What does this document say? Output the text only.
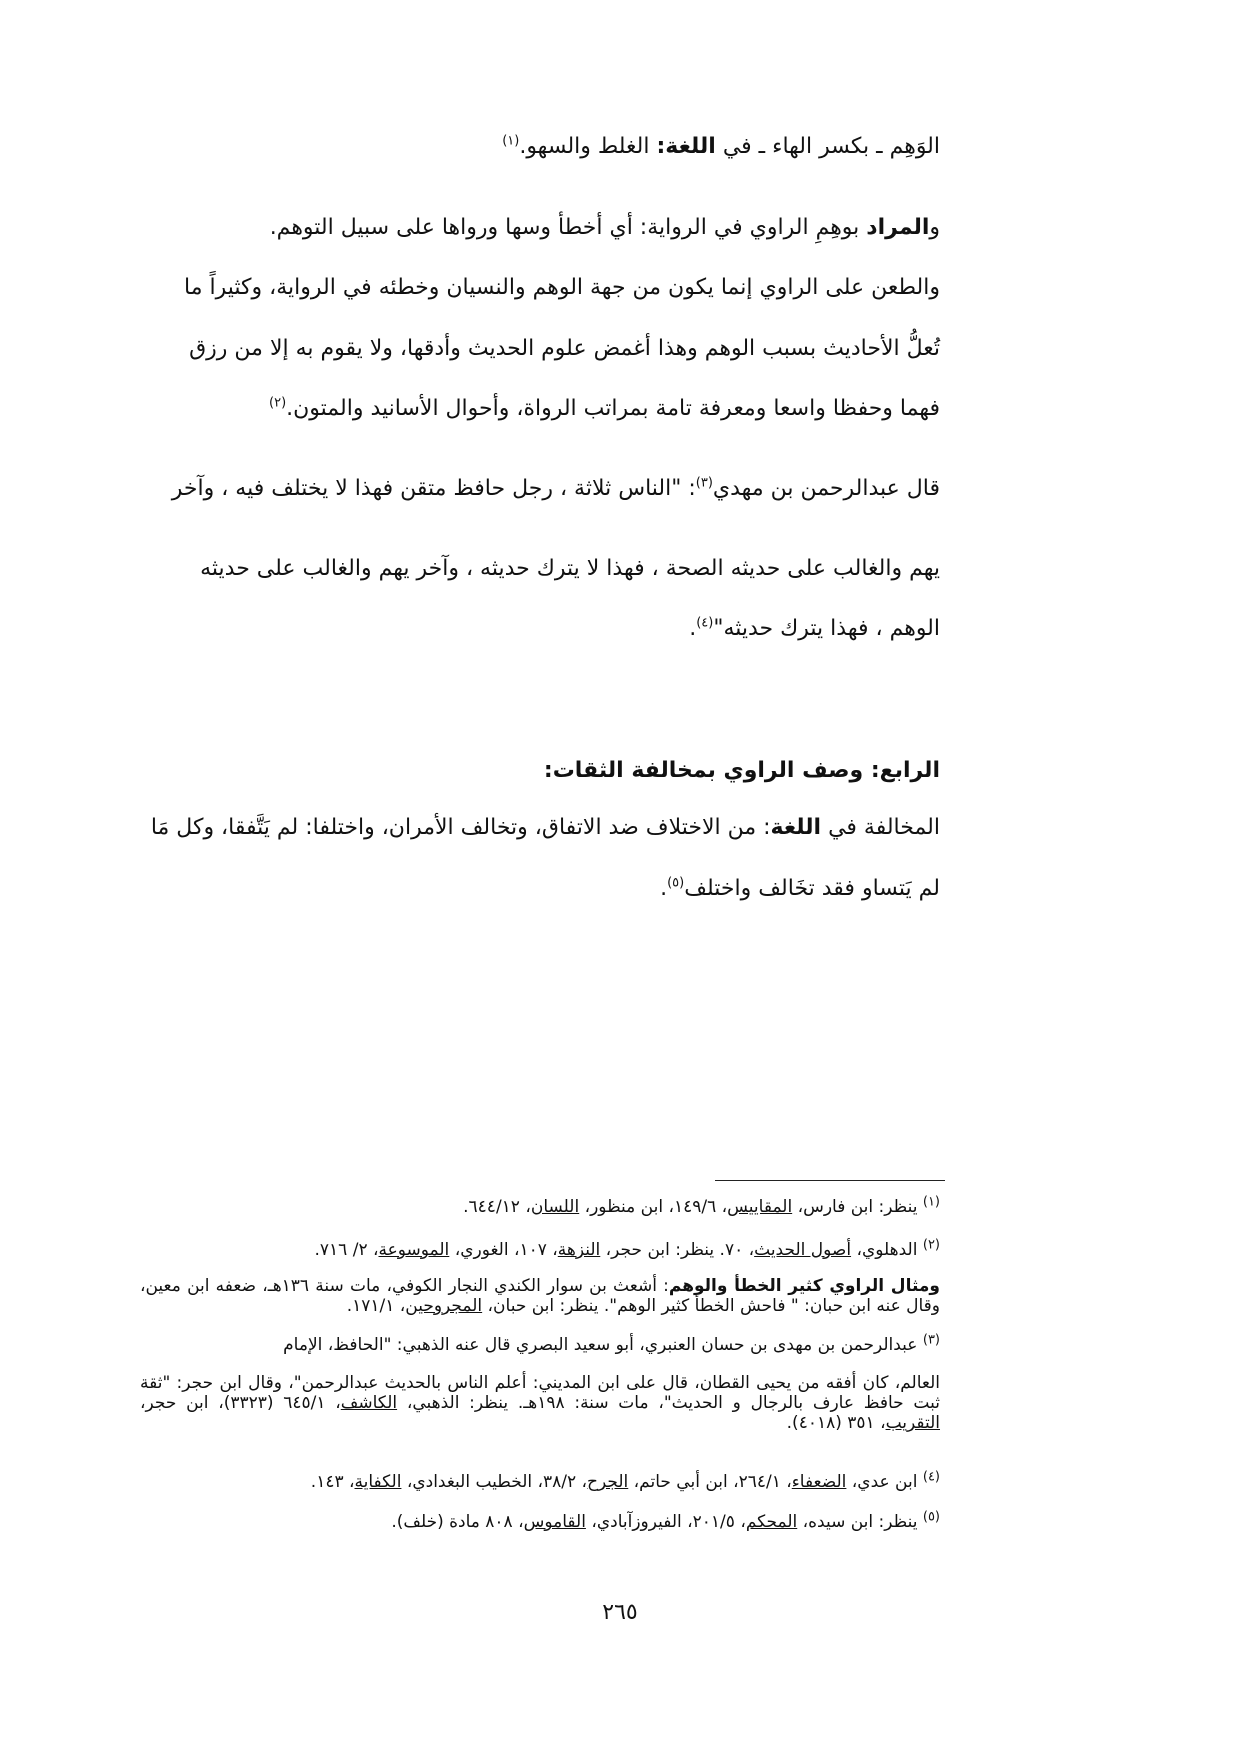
الوَهِم ـ بكسر الهاء ـ في اللغة: الغلط والسهو.$^{(١)}$
والمراد بوهِمِ الراوي في الرواية: أي أخطأ وسها ورواها على سبيل التوهم.
والطعن على الراوي إنما يكون من جهة الوهم والنسيان وخطئه في الرواية، وكثيراً ما
تُعلُّ الأحاديث بسبب الوهم وهذا أغمض علوم الحديث وأدقها، ولا يقوم به إلا من رزق
فهما وحفظا واسعا ومعرفة تامة بمراتب الرواة، وأحوال الأسانيد والمتون.$^{(٢)}$
قال عبدالرحمن بن مهدي$^{(٣)}$: "الناس ثلاثة ، رجل حافظ متقن فهذا لا يختلف فيه ، وآخر
يهم والغالب على حديثه الصحة ، فهذا لا يترك حديثه ، وآخر يهم والغالب على حديثه
الوهم ، فهذا يترك حديثه"$^{(٤)}$.
الرابع: وصف الراوي بمخالفة الثقات:
المخالفة في اللغة: من الاختلاف ضد الاتفاق، وتخالف الأمران، واختلفا: لم يَتَّفقا، وكل مَا
لم يَتساو فقد تخَالف واختلف$^{(٥)}$.
$^{(١)}$ ينظر: ابن فارس، المقاييس، ١٤٩/٦، ابن منظور، اللسان، ٦٤٤/١٢.
$^{(٢)}$ الدهلوي، أصول الحديث، ٧٠. ينظر: ابن حجر، النزهة، ١٠٧، الغوري، الموسوعة، ٢/ ٧١٦.
ومثال الراوي كثير الخطأ والوهم: أشعث بن سوار الكندي النجار الكوفي، مات سنة ١٣٦هـ، ضعفه ابن معين، وقال عنه ابن حبان: " فاحش الخطأ كثير الوهم". ينظر: ابن حبان، المجروحين، ١٧١/١.
$^{(٣)}$ عبدالرحمن بن مهدى بن حسان العنبري، أبو سعيد البصري قال عنه الذهبي: "الحافظ، الإمام
العالم، كان أفقه من يحيى القطان، قال على ابن المديني: أعلم الناس بالحديث عبدالرحمن"، وقال ابن حجر: "ثقة ثبت حافظ عارف بالرجال و الحديث"، مات سنة: ١٩٨هـ. ينظر: الذهبي، الكاشف، ٦٤٥/١ (٣٣٢٣)، ابن حجر، التقريب، ٣٥١ (٤٠١٨).
$^{(٤)}$ ابن عدي، الضعفاء، ٢٦٤/١، ابن أبي حاتم، الجرح، ٣٨/٢، الخطيب البغدادي، الكفاية، ١٤٣.
$^{(٥)}$ ينظر: ابن سيده، المحكم، ٢٠١/٥، الفيروزآبادي، القاموس، ٨٠٨ مادة (خلف).
٢٦٥
